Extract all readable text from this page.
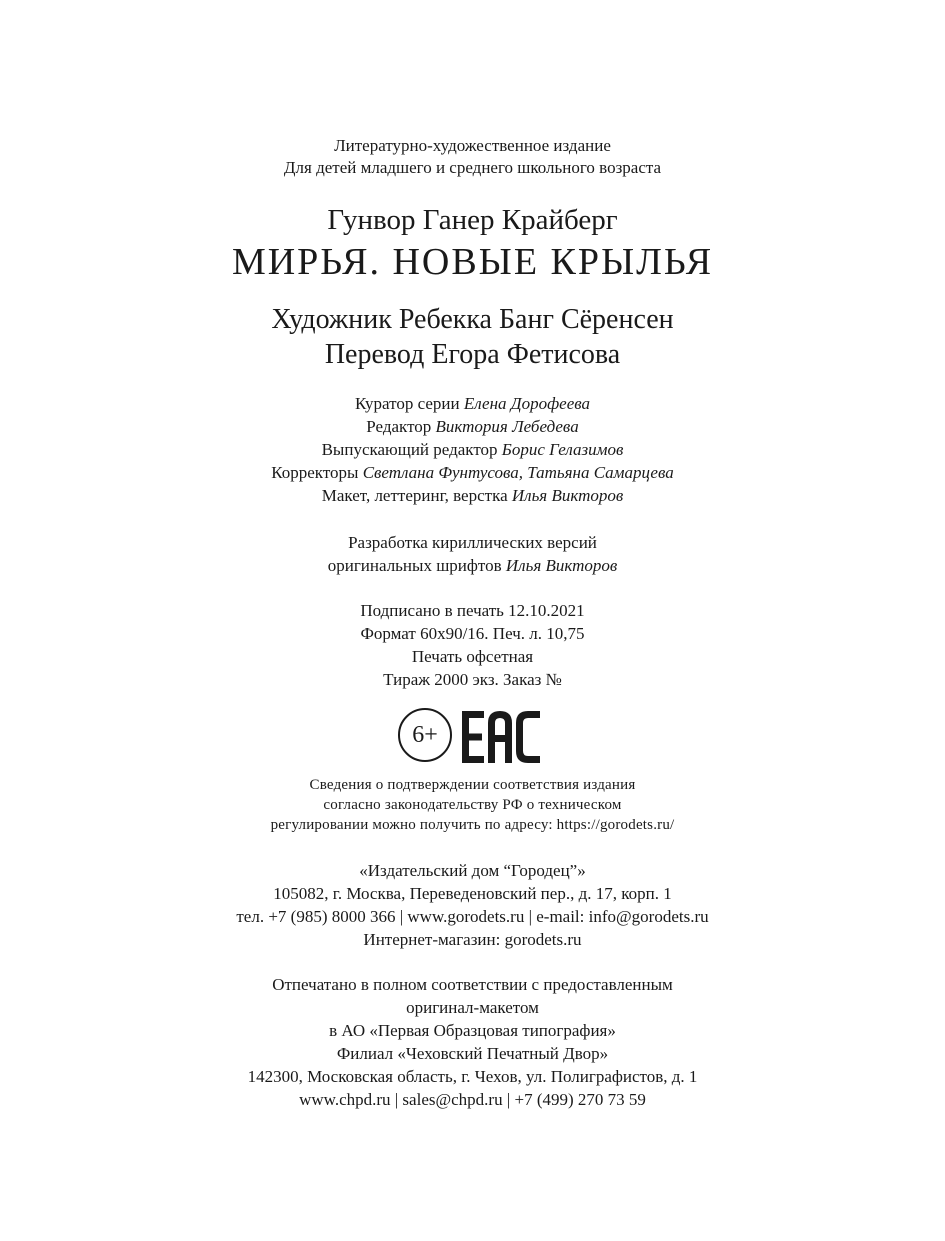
Литературно-художественное издание
Для детей младшего и среднего школьного возраста
Гунвор Ганер Крайберг
МИРЬЯ. НОВЫЕ КРЫЛЬЯ
Художник Ребекка Банг Сёренсен
Перевод Егора Фетисова
Куратор серии Елена Дорофеева
Редактор Виктория Лебедева
Выпускающий редактор Борис Гелазимов
Корректоры Светлана Фунтусова, Татьяна Самарцева
Макет, леттеринг, верстка Илья Викторов
Разработка кириллических версий
оригинальных шрифтов Илья Викторов
Подписано в печать 12.10.2021
Формат 60х90/16. Печ. л. 10,75
Печать офсетная
Тираж 2000 экз. Заказ №
6+
Сведения о подтверждении соответствия издания
согласно законодательству РФ о техническом
регулировании можно получить по адресу: https://gorodets.ru/
«Издательский дом “Городец”»
105082, г. Москва, Переведеновский пер., д. 17, корп. 1
тел. +7 (985) 8000 366 | www.gorodets.ru | e-mail: info@gorodets.ru
Интернет-магазин: gorodets.ru
Отпечатано в полном соответствии с предоставленным
оригинал-макетом
в АО «Первая Образцовая типография»
Филиал «Чеховский Печатный Двор»
142300, Московская область, г. Чехов, ул. Полиграфистов, д. 1
www.chpd.ru | sales@chpd.ru | +7 (499) 270 73 59
